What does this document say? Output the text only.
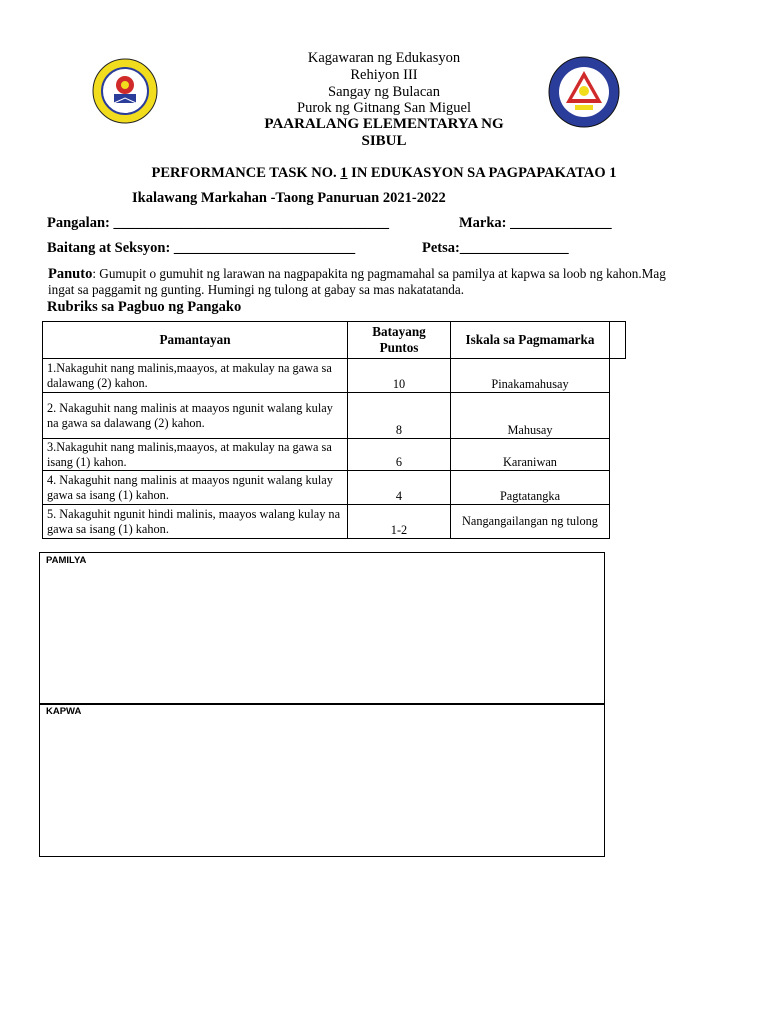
Kagawaran ng Edukasyon
Rehiyon III
Sangay ng Bulacan
Purok ng Gitnang San Miguel
PAARALANG ELEMENTARYA NG
SIBUL
PERFORMANCE TASK NO. 1 IN EDUKASYON SA PAGPAPAKATAO 1
Ikalawang Markahan -Taong Panuruan 2021-2022
Pangalan: ______________________________________	Marka: ______________
Baitang at Seksyon: _________________________	Petsa:_______________
Panuto: Gumupit o gumuhit ng larawan na nagpapakita ng pagmamahal sa pamilya at kapwa sa loob ng kahon.Mag ingat sa paggamit ng gunting. Humingi ng tulong at gabay sa mas nakatatanda.
Rubriks sa Pagbuo ng Pangako
Pamantayan	Batayang Puntos	Iskala sa Pagmamarka	
1.Nakaguhit nang malinis,maayos, at makulay na gawa sa dalawang (2) kahon.	10	Pinakamahusay	
2. Nakaguhit nang malinis at maayos ngunit walang kulay na gawa sa dalawang (2) kahon.	8	Mahusay	
3.Nakaguhit nang malinis,maayos, at makulay na gawa sa isang (1) kahon.	6	Karaniwan	
4. Nakaguhit nang malinis at maayos ngunit walang kulay gawa sa isang (1) kahon.	4	Pagtatangka	
5. Nakaguhit ngunit hindi malinis, maayos walang kulay na gawa sa isang (1) kahon.	1-2	Nangangailangan ng tulong	
PAMILYA
KAPWA
